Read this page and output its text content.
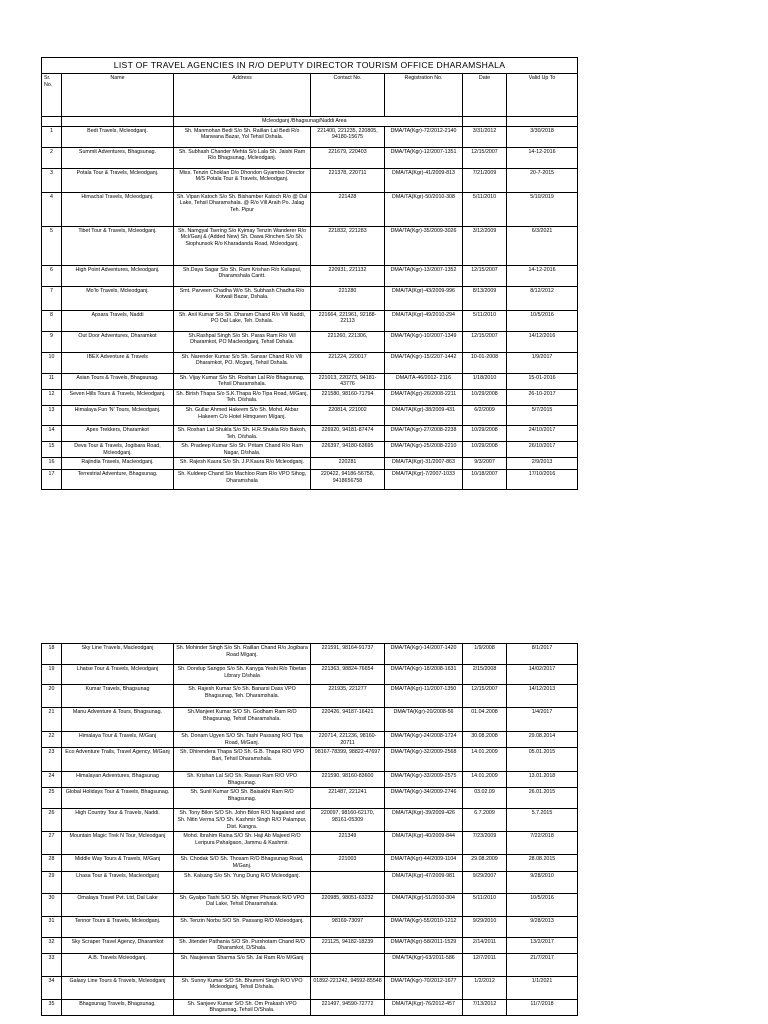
LIST OF TRAVEL AGENCIES IN R/O DEPUTY DIRECTOR TOURISM OFFICE DHARAMSHALA						
Sr. No.	Name	Address	Contact No.	Registration No.	Date	Valid Up To
		Mcleodganj /Bhagsunag/Naddi Area				
1	Bedi Travels, Mcleodganj.	Sh. Manmohan Bedi S/o Sh. Raillan Lal Bedi R/o Manwana Bazar, Yol Tehsil Dshala.	221400, 221235, 220805, 94180-15675	DMA/TA(Kgr)-72/2012-2140	3/31/2012	3/30/2018
2	Summit Adventures, Bhagsunag.	Sh. Subhash Chander Mehta S/o Lala Sh. Jaishi Ram R/o Bhagsunag, Mcleodganj.	221679, 220403	DMA/TA(Kgr)-12/2007-1351	12/15/2007	14-12-2016
3	Potala Tour & Travels, Mcleodganj.	Miss. Tenzin Choklan D/o Dhondon Gyamtso Director M/S Potala Tour & Travels, Mcleodganj.	221378, 220711	DMA/TA(Kgr)-41/2009-813	7/21/2009	20-7-2015
4	Himachal Travels, Mcleodganj.	Sh. Vipan Katoch S/o Sh. Bishamber Katoch R/o @ Dal Lake, Tehsil Dharamshala. @ R/o Vill Araih Po. Jalag Teh. Pipur	221428	DMA/TA(Kgr)-50/2010-308	5/11/2010	5/10/2019
5	Tibet Tour & Travels, Mcleodganj.	Sh. Namgyal Tsering S/o Kyimay Tenzin Wanderer R/o McI/Ganj & (Added New) Sh. Dawa Rinchen S/o Sh. Siophunsok R/o Kharadanda Road, Mcleodganj.	221832, 221283	DMA/TA(Kgr)-35/2009-3026	3/12/2009	6/3/2021
6	High Point Adventures, Mcleodganj.	Sh.Daya Sagar S/o Sh. Ram Krishan R/o Kaliapul, Dharamshala Cantt.	220931, 221132	DMA/TA(Kgr)-13/2007-1352	12/15/2007	14-12-2016
7	Mo'lo Travels, Mcleodganj.	Smt. Parveen Chadha W/o Sh. Subhash Chadha R/o Kotwali Bazar, Dshala.	221280	DMA/TA(Kgr)-43/2009-996	8/13/2009	8/12/2012
8	Apsara Travels, Naddi	Sh. Anil Kumar S/o Sh. Dharam Chand R/o Vill Naddi, PO Dal Lake, Teh. Dshala.	221664, 221961, 92188-22113	DMA/TA(Kgr)-49/2010-294	5/11/2010	10/5/2016
9	Out Door Adventures, Dharamkot	Sh.Rashpal Singh S/o Sh. Paras Ram R/o Vill Dharamkot, PO Macleodganj, Tehsil Dshala.	221260, 221306,	DMA/TA(Kgr)-10/2007-1349	12/15/2007	14/12/2016
10	IBEX Adventure & Travels	Sh. Narender Kumar S/o Sh. Sansar Chand R/o Vill Dharamkot, PO. Mcganj, Tehsil Dshala.	221224, 220017	DMA/TA(Kgr)-15/2207-1442	10-01-2008	1/9/2017
11	Asian Tours & Travels, Bhagsunag.	Sh. Vijay Kumar S/o Sh. Roshan Lal R/o Bhagsunag, Tehsil Dharamshala.	221013, 220273, 94181-43776	DMA/TA-46/2012- 2116	1/18/2010	15-01-2016
12	Seven Hills Tours & Travels, Mcleodganj.	Sh. Birish Thapa S/o S.K.Thapa R/o Tipa Road, M/Ganj, Teh. D/shala.	221580, 98160-71794	DMA/TA(Kgr)-26/2008-2211	10/29/2008	26-10-2017
13	Himalaya Fun 'N' Tours, Mcleodganj.	Sh. Gullar Ahmed Hakeem S/o Sh. Mohd. Akbar Hakeem C/o Hotel Himqueen M/ganj.	220814, 221002	DMA/TA(Kgr)-38/2009-431	6/2/2009	5/7/2015
14	Apex Trekkers, Dharamkot	Sh. Roshan Lal Shukla S/o Sh. H.R.Shukla R/o Bakoh, Teh. D/shala.	226920, 94181-87474	DMA/TA(Kgr)-27/2008-2238	10/29/2008	24/10/2017
15	Deva Tour & Travels, Jogibara Road, Mcleodganj.	Sh. Pradeep Kumar S/o Sh. Pritam Chand R/o Ram Nagar, D/shala.	226397, 94180-63695	DMA/TA(Kgr)-25/2008-2210	10/29/2008	26/10/2017
16	Rajindia Travels, Macleodganj.	Sh. Rajesh Kaura S/o Sh. J.P.Kaura R/o Mcleodganj.	220281	DMA/TA(Kgr)-31/2007-863	9/3/2007	2/9/2013
17	Terrestrial Adventure, Bhagsunag.	Sh. Kuldeep Chand S/o Machloo Ram R/o VPO Sihog, Dharamshala	220422, 94186-56758, 9418656758	DMA/TA(Kgr)-7/2007-1033	10/18/2007	17/10/2016
18	Sky Line Travels, Macleodganj	Sh. Mohinder Singh S/o Sh. Raillan Chand R/o Jogibara Road M/ganj.	221591, 98164-91737	DMA/TA(Kgr)-14/2007-1420	1/9/2008	8/1/2017
19	Lhatse Tour & Travels, Mcleodganj	Sh. Dondup Sangpo S/o Sh. Kanyga Yeshi R/o Tibetan Library D/shala	221363, 98824-76654	DMA/TA(Kgr)-18/2008-1631	2/15/2008	14/02/2017
20	Kumar Travels, Bhagsunag	Sh. Rajesh Kumar S/o Sh. Banarsi Dass VPO Bhagsunag, Teh. Dharamshala.	221935, 221277	DMA/TA(Kgr)-11/2007-1350	12/15/2007	14/12/2013
21	Manu Adventure & Tours, Bhagsunag.	Sh.Manjeet Kumar S/O Sh. Godham Ram R/O Bhagsunag, Tehsil Dharamshala.	220426, 94187-16421	DMA/TA(Kgr)-20/2008-56	01.04.2008	1/4/2017
22	Himalaya Tour & Travels, M/Ganj	Sh. Donam Ugyen S/O Sh. Tashi Passang R/O Tipa Road, M/Ganj.	220714, 221236, 98160-20711	DMA/TA(Kgr)-24/2008-1724	30.08.2008	29.08.2014
23	Eco Adventure Trails, Travel Agency, M/Ganj	Sh. Dhirendera Thapa S/O Sh. G.B. Thapa R/O VPO Bari, Tehsil Dharamshala.	98167-78399, 98822-47697	DMA/TA(Kgr)-32/2009-2568	14.01.2009	05.01.2015
24	Himalayan Adventures, Bhagsunag	Sh. Krishan Lal S/O Sh. Rawan Ram R/O VPO Bhagsunag.	221590, 98160-83600	DMA/TA(Kgr)-33/2009-2575	14.01.2009	13.01.2018
25	Global Holidays Tour & Travels, Bhagsunag.	Sh. Sunil Kumar S/O Sh. Baisakhi Ram R/O Bhagsunag.	221487, 221241	DMA/TA(Kgr)-34/2009-2746	03.02.09	26.01.2015
26	High Country Tour & Travels, Naddi.	Sh. Tony Bilon S/O Sh. John Bilon R/O Nagaland and Sh. Nitin Verma S/O Sh. Kashmir Singh R/O Palampur, Dist. Kangra.	220097, 98160-62170, 98161-05309	DMA/TA(Kgr)-39/2009-426	6.7.2009	5.7.2015
27	Mountain Magic Trek N Tour, Mcleodganj	Mohd. Ibrahim Raina S/O Sh. Haji Ab Majeed R/O Leripura Pahalgaon, Jammu & Kashmir.	221349	DMA/TA(Kgr)-40/2009-844	7/23/2009	7/22/2018
28	Middle Way Tours & Travels, M/Ganj	Sh. Chodak S/O Sh. Thosam R/O Bhagsunag Road, M/Ganj.	221003	DMA/TA(Kgr)-44/2009-1104	29.08.2009	28.08.2015
29	Lhasa Tour & Travels, Macleodganj	Sh. Kalsang S/o Sh. Yung Dung R/O Mcleodganj.		DMA/TA(Kgr)-47/2009-981	9/29/2007	9/28/2010
30	Omalaya Travel Pvt. Ltd, Dal Lake	Sh. Gyalpo Tashi S/O Sh. Migmer Phunsok R/O VPO Dal Lake, Tehsil Dharamshala.	220985, 98051-63232	DMA/TA(Kgr)-51/2010-304	5/11/2010	10/5/2016
31	Tennor Tours & Travels, Mcleodganj.	Sh. Tenzin Norbu S/O Sh. Passang R/O Mcleodganj.	98169-73097	DMA/TA(Kgr)-55/2010-1212	9/29/2010	9/28/2013
32	Sky Scraper Travel Agency, Dharamkot	Sh. Jitender Pathania S/O Sh. Purshotam Chand R/O Dharamkot, D/Shala.	221125, 94182-18239	DMA/TA(Kgr)-58/2011-1529	2/14/2011	13/2/2017
33	A.B. Travels Mcleodganj.	Sh. Naujeevan Sharma S/o Sh. Jai Ram R/o M/Ganj		DMA/TA(Kgr)-63/2011-586	12/7/2011	21/7/2017
34	Galaxy Line Tours & Travels, Mcleodganj	Sh. Sunny Kumar S/O Sh. Bhummi Singh R/O VPO Mcleodganj, Tehsil D/shala.	01892-221242, 94592-85548	DMA/TA(Kgr)-70/2012-1677	1/2/2012	1/1/2021
35	Bhagsunag Travels, Bhagsunag.	Sh. Sanjeev Kumar S/O Sh. Om Prakash VPO Bhagsunag, Tehsil D/Shala.	221497, 94590-72772	DMA/TA(Kgr)-76/2012-457	7/13/2012	11/7/2018
